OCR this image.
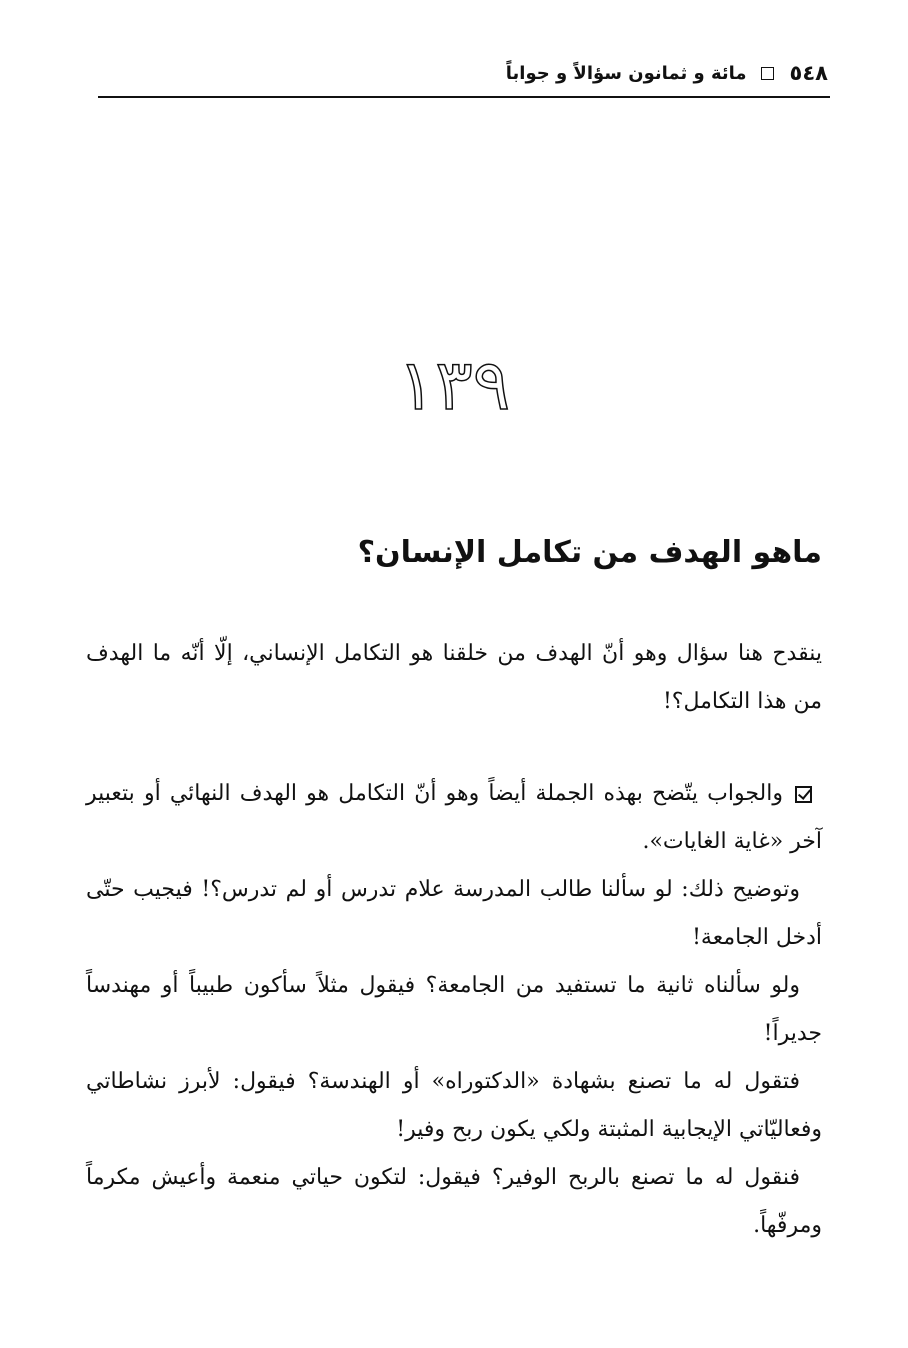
٥٤٨
مائة و ثمانون سؤالاً و جواباً
١٣٩
ماهو الهدف من تكامل الإنسان؟

ينقدح هنا سؤال وهو أنّ الهدف من خلقنا هو التكامل الإنساني، إلّا أنّه ما الهدف من هذا التكامل؟!

والجواب يتّضح بهذه الجملة أيضاً وهو أنّ التكامل هو الهدف النهائي أو بتعبير آخر «غاية الغايات».

وتوضيح ذلك: لو سألنا طالب المدرسة علام تدرس أو لم تدرس؟! فيجيب حتّى أدخل الجامعة!

ولو سألناه ثانية ما تستفيد من الجامعة؟ فيقول مثلاً سأكون طبيباً أو مهندساً جديراً!

فتقول له ما تصنع بشهادة «الدكتوراه» أو الهندسة؟ فيقول: لأبرز نشاطاتي وفعاليّاتي الإيجابية المثبتة ولكي يكون ربح وفير!

فنقول له ما تصنع بالربح الوفير؟ فيقول: لتكون حياتي منعمة وأعيش مكرماً ومرفّهاً.
